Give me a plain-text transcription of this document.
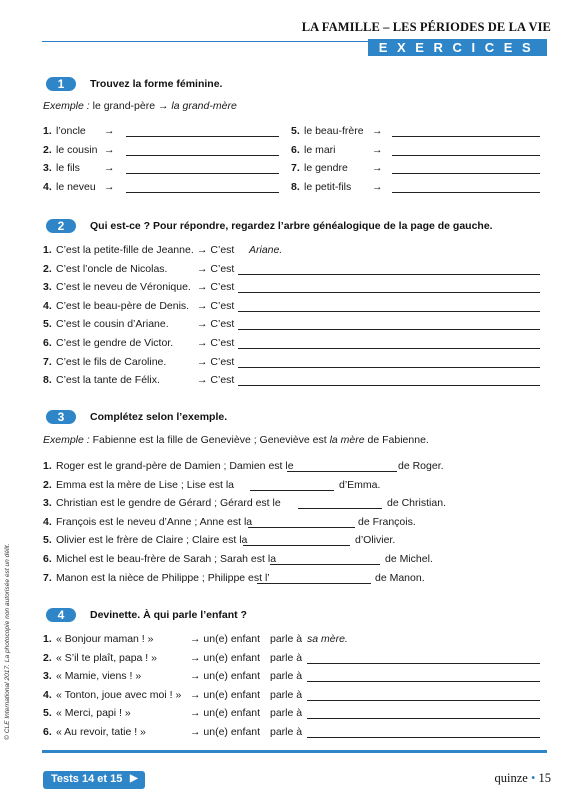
LA FAMILLE – LES PÉRIODES DE LA VIE
EXERCICES
© CLE International 2017. La photocopie non autorisée est un délit.
1	Trouvez la forme féminine.
Exemple : le grand-père → la grand-mère
1. l’oncle →
2. le cousin →
3. le fils →
4. le neveu →
5. le beau-frère →
6. le mari	→
7. le gendre →
8. le petit-fils →
2	Qui est-ce ? Pour répondre, regardez l’arbre généalogique de la page de gauche.
1. C’est la petite-fille de Jeanne. → C’est Ariane.
2. C’est l’oncle de Nicolas.	→ C’est
3. C’est le neveu de Véronique. → C’est
4. C’est le beau-père de Denis. → C’est
5. C’est le cousin d’Ariane.	→ C’est
6. C’est le gendre de Victor. → C’est
7. C’est le fils de Caroline.	→ C’est
8. C’est la tante de Félix.	→ C’est
3	Complétez selon l’exemple.
Exemple : Fabienne est la fille de Geneviève ; Geneviève est la mère de Fabienne.
1. Roger est le grand-père de Damien ; Damien est le	de Roger.
2. Emma est la mère de Lise ; Lise est la	d’Emma.
3. Christian est le gendre de Gérard ; Gérard est le	de Christian.
4. François est le neveu d’Anne ; Anne est la	de François.
5. Olivier est le frère de Claire ; Claire est la	d’Olivier.
6. Michel est le beau-frère de Sarah ; Sarah est la	de Michel.
7. Manon est la nièce de Philippe ; Philippe est l’	de Manon.
4	Devinette. À qui parle l’enfant ?
1. « Bonjour maman ! »	→ un(e) enfant parle à sa mère.
2. « S’il te plaît, papa ! »	→ un(e) enfant parle à
3. « Mamie, viens ! »	→ un(e) enfant parle à
4. « Tonton, joue avec moi ! » → un(e) enfant parle à
5. « Merci, papi ! »	→ un(e) enfant parle à
6. « Au revoir, tatie ! »	→ un(e) enfant parle à
Tests 14 et 15 ▶	quinze • 15
